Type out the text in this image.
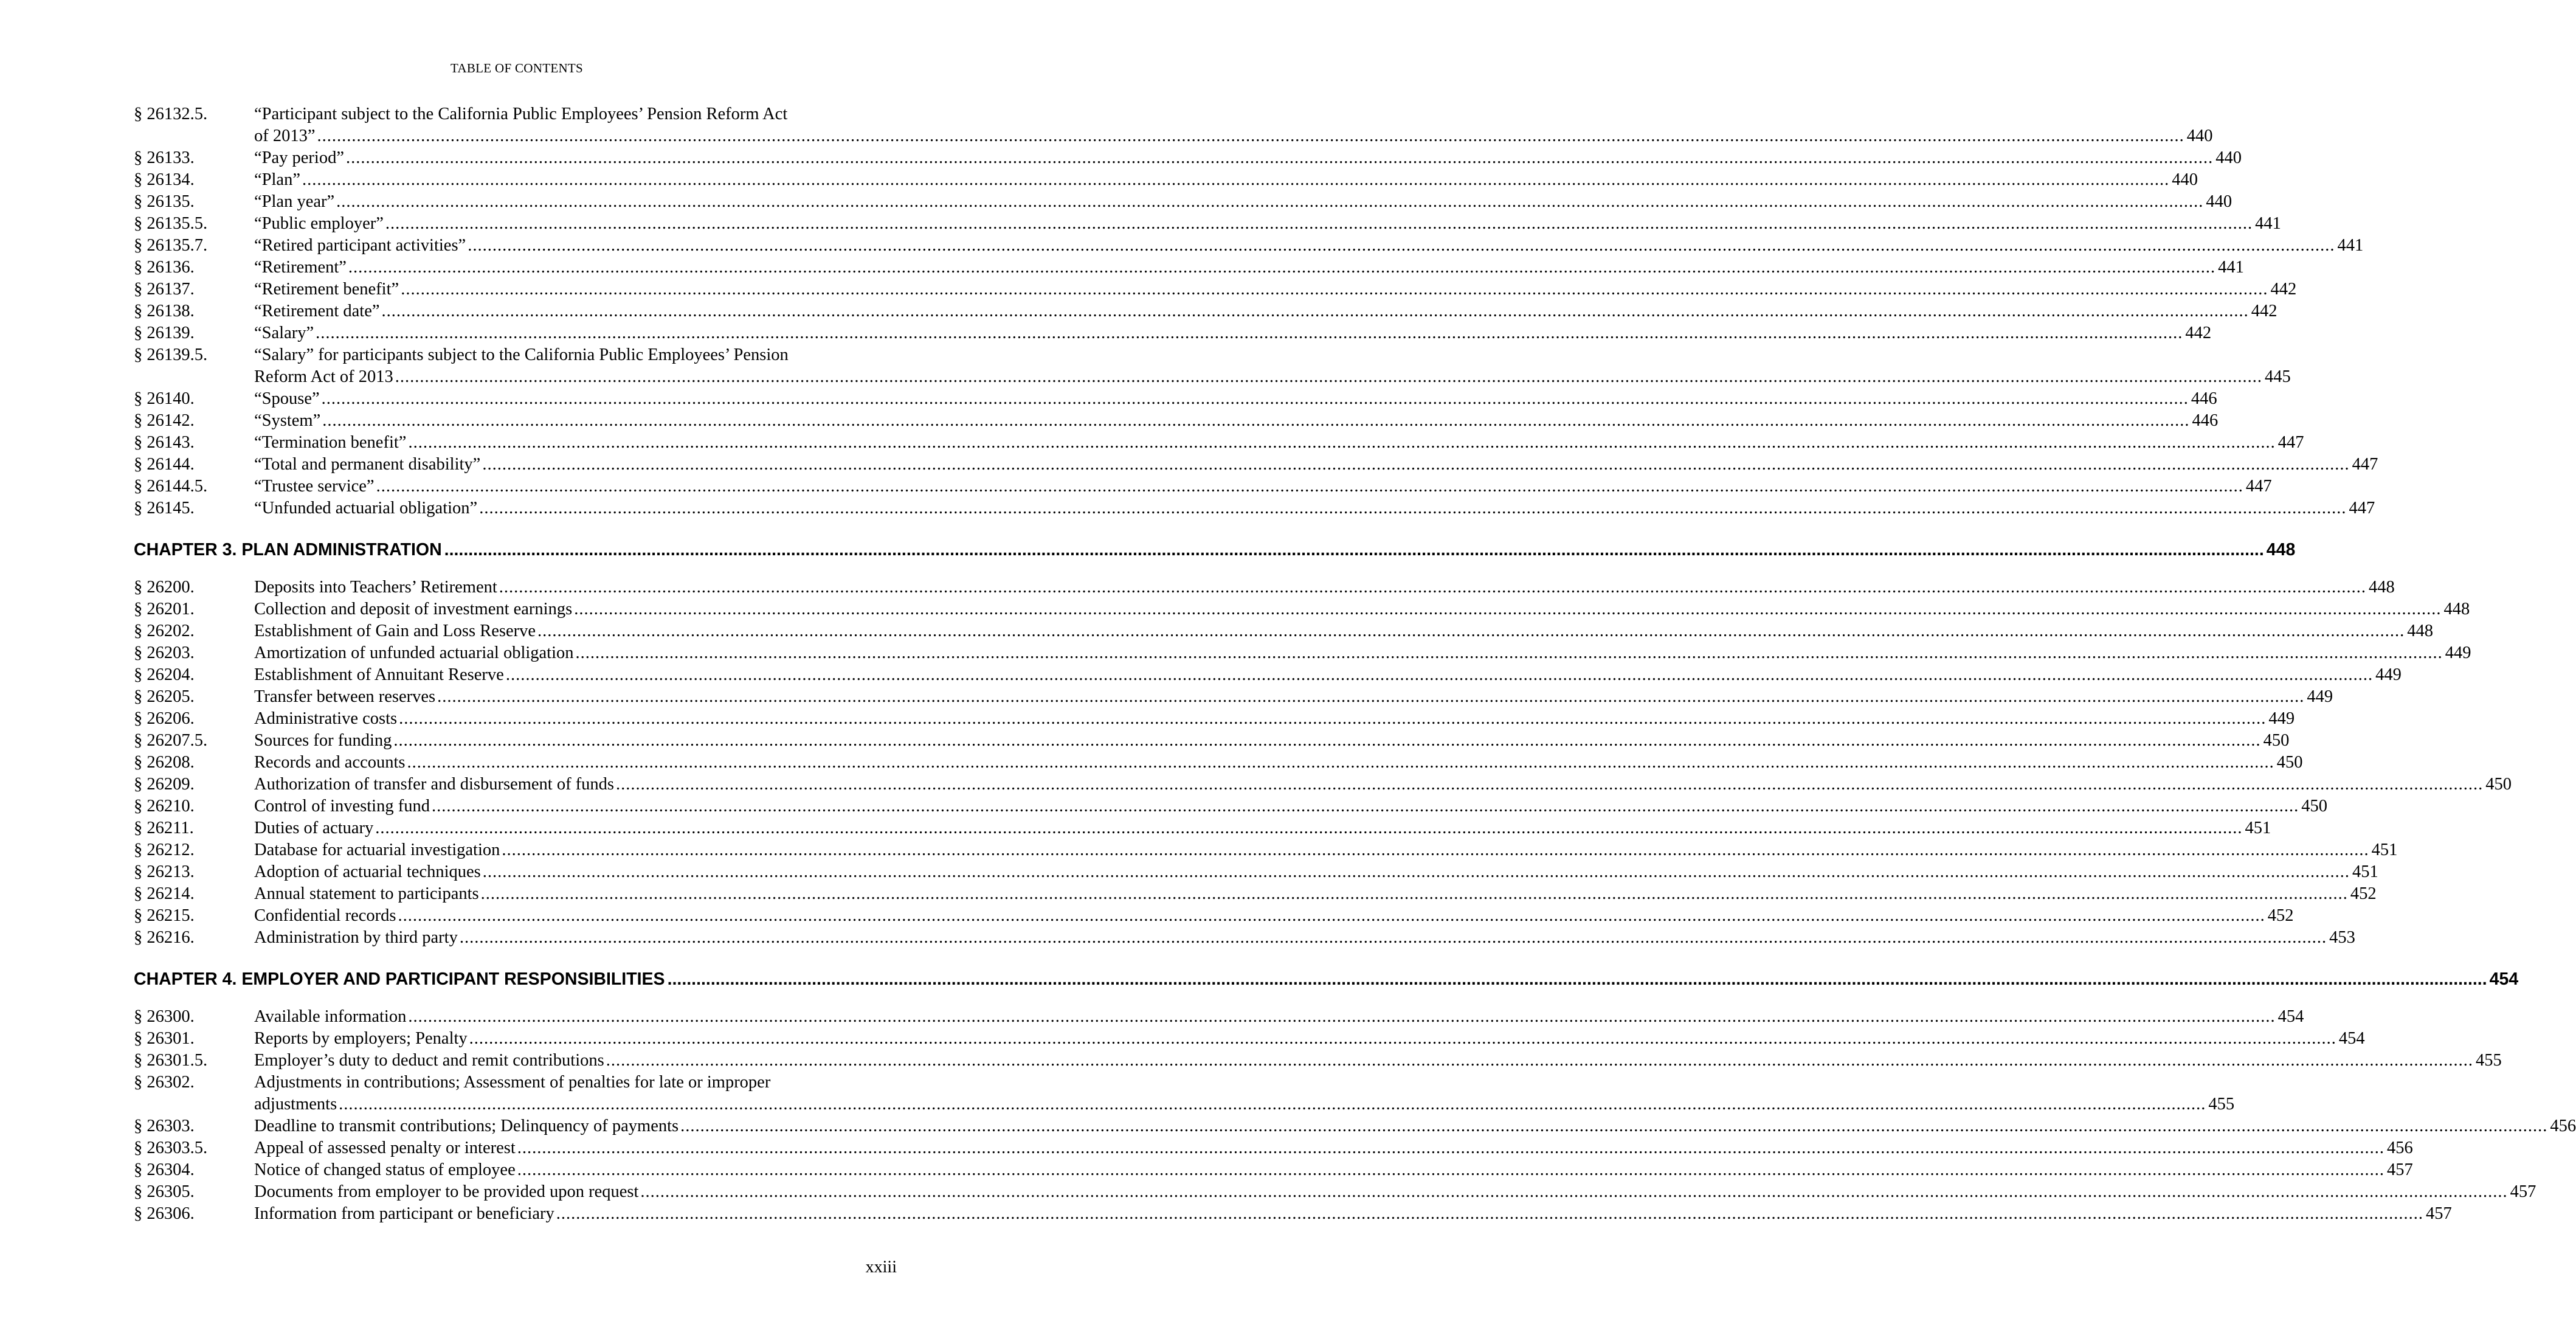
TABLE OF CONTENTS
§ 26132.5.	“Participant subject to the California Public Employees’ Pension Reform Act
of 2013” .......................................................................................................................................................................................................................................................................................................................................................................................... 440
§ 26133.	“Pay period” .......................................................................................................................................................................................................................................................................................................................................................................................... 440
§ 26134.	“Plan” .......................................................................................................................................................................................................................................................................................................................................................................................... 440
§ 26135.	“Plan year” .......................................................................................................................................................................................................................................................................................................................................................................................... 440
§ 26135.5.	“Public employer” .......................................................................................................................................................................................................................................................................................................................................................................................... 441
§ 26135.7.	“Retired participant activities” .......................................................................................................................................................................................................................................................................................................................................................................................... 441
§ 26136.	“Retirement” .......................................................................................................................................................................................................................................................................................................................................................................................... 441
§ 26137.	“Retirement benefit” .......................................................................................................................................................................................................................................................................................................................................................................................... 442
§ 26138.	“Retirement date” .......................................................................................................................................................................................................................................................................................................................................................................................... 442
§ 26139.	“Salary” .......................................................................................................................................................................................................................................................................................................................................................................................... 442
§ 26139.5.	“Salary” for participants subject to the California Public Employees’ Pension
Reform Act of 2013 .......................................................................................................................................................................................................................................................................................................................................................................................... 445
§ 26140.	“Spouse” .......................................................................................................................................................................................................................................................................................................................................................................................... 446
§ 26142.	“System” .......................................................................................................................................................................................................................................................................................................................................................................................... 446
§ 26143.	“Termination benefit” .......................................................................................................................................................................................................................................................................................................................................................................................... 447
§ 26144.	“Total and permanent disability” .......................................................................................................................................................................................................................................................................................................................................................................................... 447
§ 26144.5.	“Trustee service” .......................................................................................................................................................................................................................................................................................................................................................................................... 447
§ 26145.	“Unfunded actuarial obligation” .......................................................................................................................................................................................................................................................................................................................................................................................... 447
CHAPTER 3. PLAN ADMINISTRATION .......................................................................................................................................................................................................................................................................................................................................................................................... 448
§ 26200.	Deposits into Teachers’ Retirement .......................................................................................................................................................................................................................................................................................................................................................................................... 448
§ 26201.	Collection and deposit of investment earnings .......................................................................................................................................................................................................................................................................................................................................................................................... 448
§ 26202.	Establishment of Gain and Loss Reserve .......................................................................................................................................................................................................................................................................................................................................................................................... 448
§ 26203.	Amortization of unfunded actuarial obligation .......................................................................................................................................................................................................................................................................................................................................................................................... 449
§ 26204.	Establishment of Annuitant Reserve .......................................................................................................................................................................................................................................................................................................................................................................................... 449
§ 26205.	Transfer between reserves .......................................................................................................................................................................................................................................................................................................................................................................................... 449
§ 26206.	Administrative costs .......................................................................................................................................................................................................................................................................................................................................................................................... 449
§ 26207.5.	Sources for funding .......................................................................................................................................................................................................................................................................................................................................................................................... 450
§ 26208.	Records and accounts .......................................................................................................................................................................................................................................................................................................................................................................................... 450
§ 26209.	Authorization of transfer and disbursement of funds .......................................................................................................................................................................................................................................................................................................................................................................................... 450
§ 26210.	Control of investing fund .......................................................................................................................................................................................................................................................................................................................................................................................... 450
§ 26211.	Duties of actuary .......................................................................................................................................................................................................................................................................................................................................................................................... 451
§ 26212.	Database for actuarial investigation .......................................................................................................................................................................................................................................................................................................................................................................................... 451
§ 26213.	Adoption of actuarial techniques .......................................................................................................................................................................................................................................................................................................................................................................................... 451
§ 26214.	Annual statement to participants .......................................................................................................................................................................................................................................................................................................................................................................................... 452
§ 26215.	Confidential records .......................................................................................................................................................................................................................................................................................................................................................................................... 452
§ 26216.	Administration by third party .......................................................................................................................................................................................................................................................................................................................................................................................... 453
CHAPTER 4. EMPLOYER AND PARTICIPANT RESPONSIBILITIES .......................................................................................................................................................................................................................................................................................................................................................................................... 454
§ 26300.	Available information .......................................................................................................................................................................................................................................................................................................................................................................................... 454
§ 26301.	Reports by employers; Penalty .......................................................................................................................................................................................................................................................................................................................................................................................... 454
§ 26301.5.	Employer’s duty to deduct and remit contributions .......................................................................................................................................................................................................................................................................................................................................................................................... 455
§ 26302.	Adjustments in contributions; Assessment of penalties for late or improper
adjustments .......................................................................................................................................................................................................................................................................................................................................................................................... 455
§ 26303.	Deadline to transmit contributions; Delinquency of payments .......................................................................................................................................................................................................................................................................................................................................................................................... 456
§ 26303.5.	Appeal of assessed penalty or interest .......................................................................................................................................................................................................................................................................................................................................................................................... 456
§ 26304.	Notice of changed status of employee .......................................................................................................................................................................................................................................................................................................................................................................................... 457
§ 26305.	Documents from employer to be provided upon request .......................................................................................................................................................................................................................................................................................................................................................................................... 457
§ 26306.	Information from participant or beneficiary .......................................................................................................................................................................................................................................................................................................................................................................................... 457
xxiii
